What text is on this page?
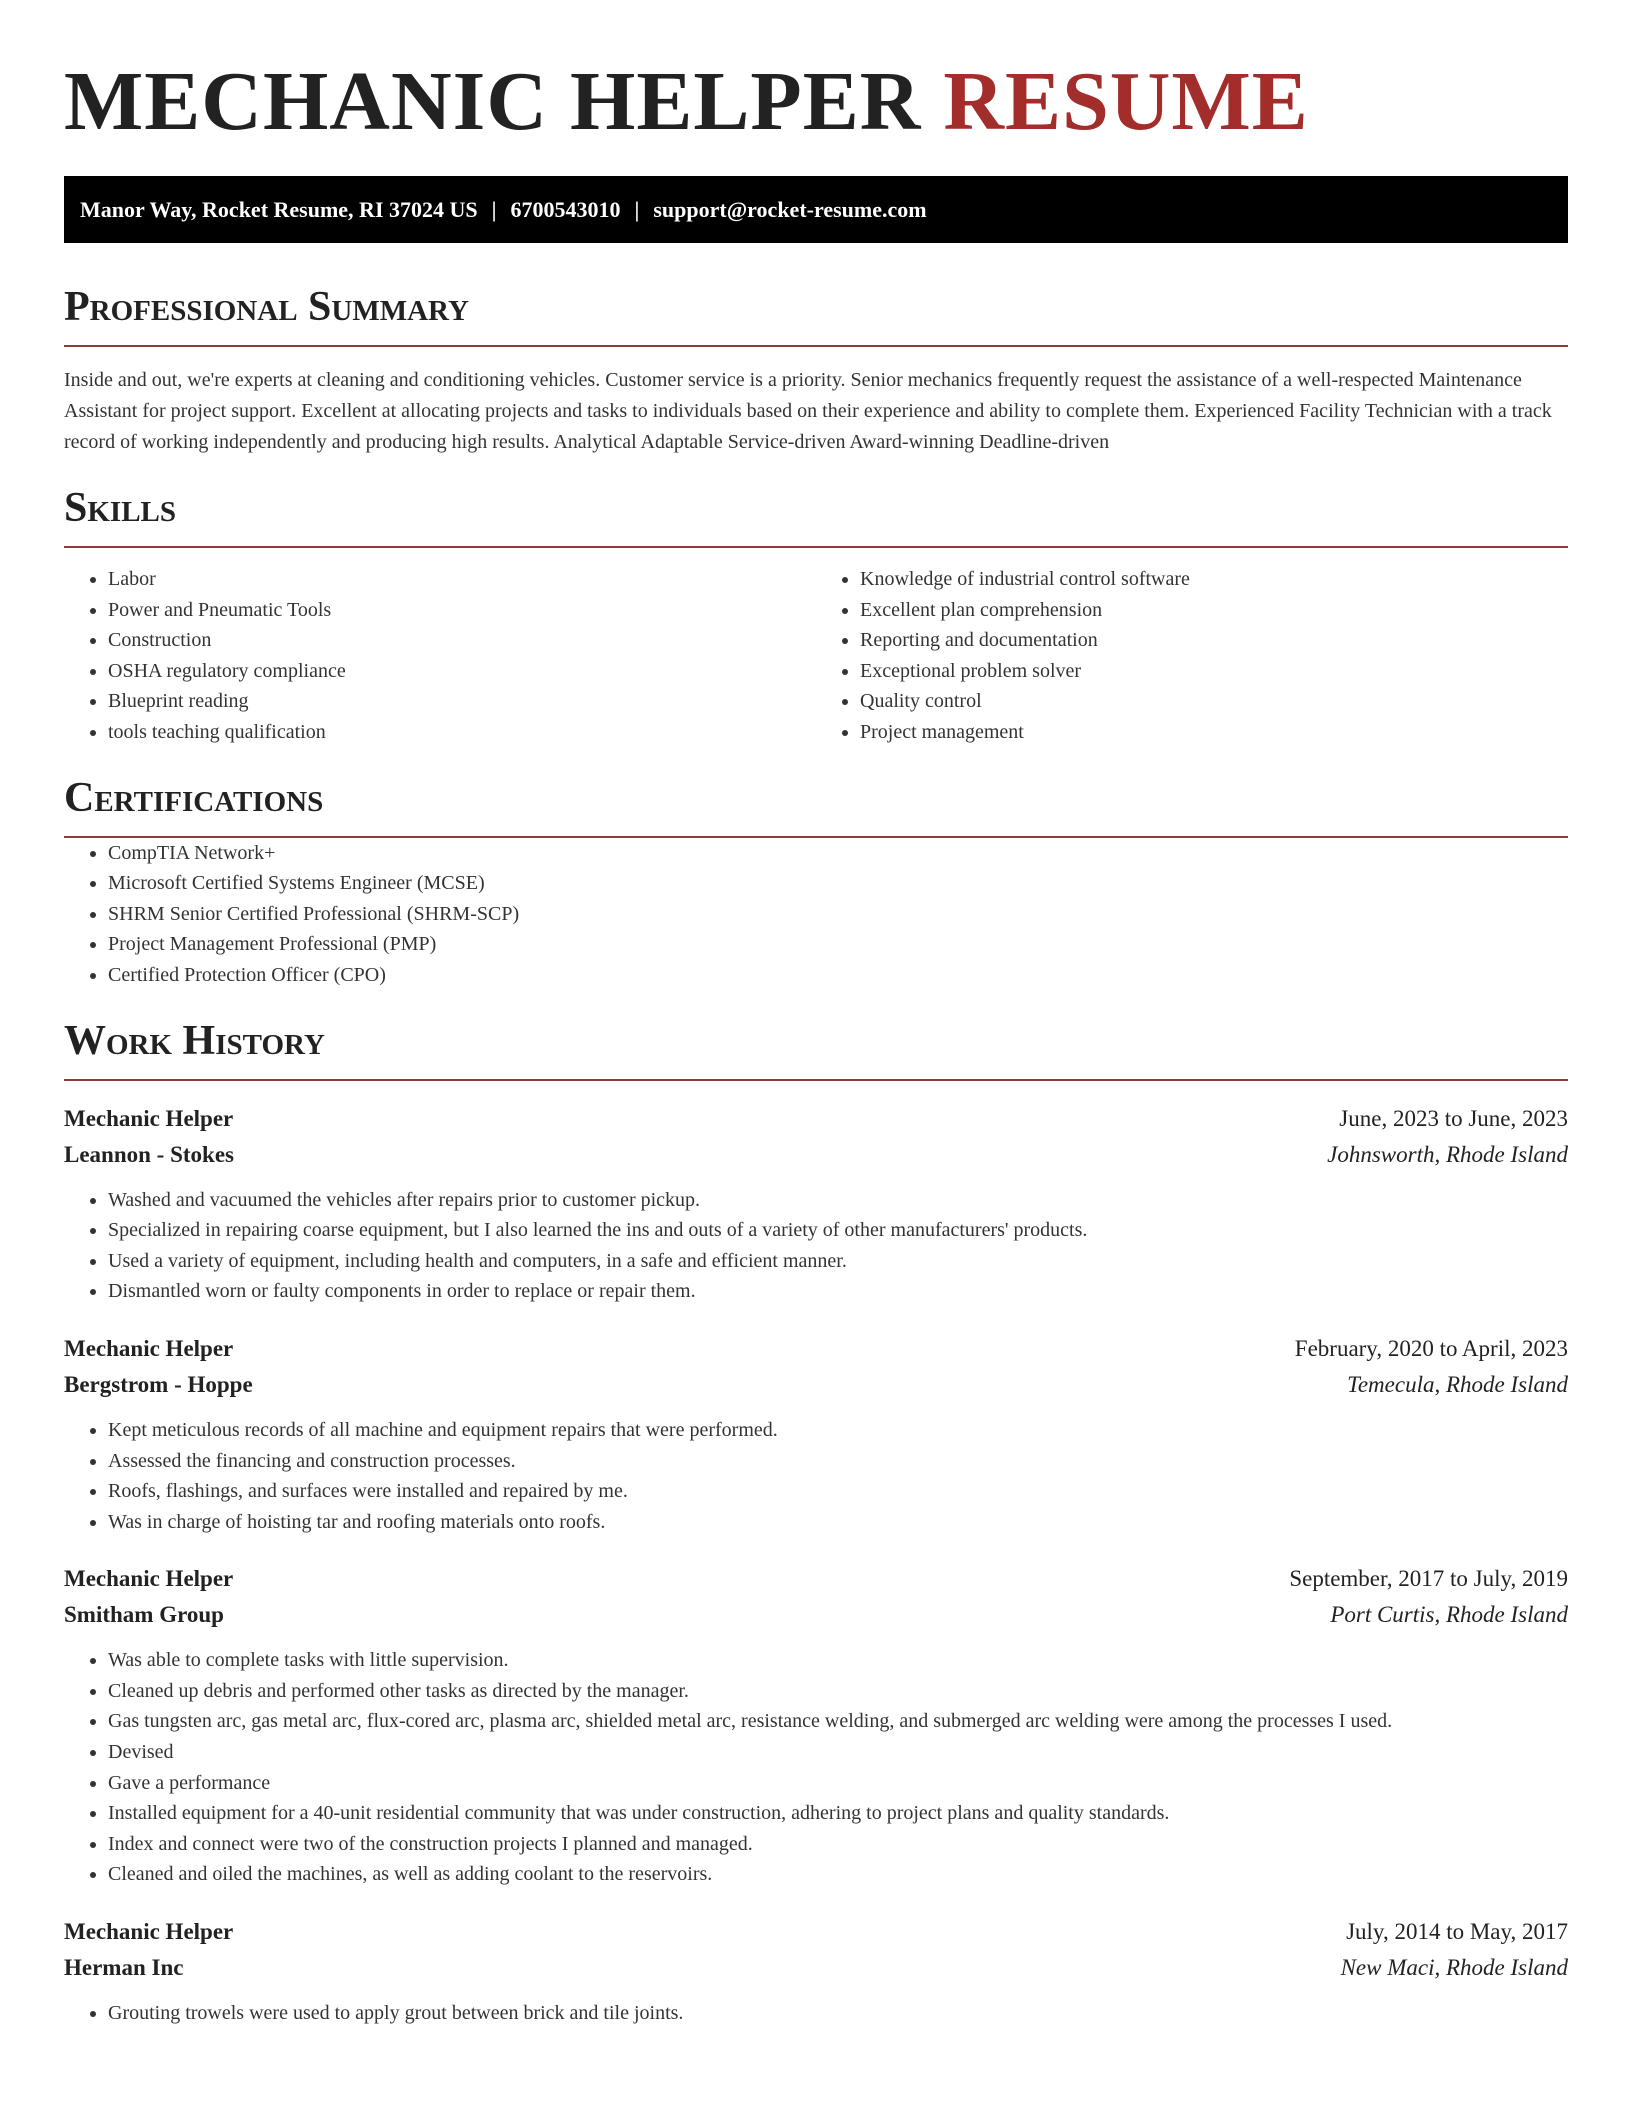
MECHANIC HELPER RESUME
Manor Way, Rocket Resume, RI 37024 US | 6700543010 | support@rocket-resume.com
Professional Summary

Inside and out, we're experts at cleaning and conditioning vehicles. Customer service is a priority. Senior mechanics frequently request the assistance of a well-respected Maintenance Assistant for project support. Excellent at allocating projects and tasks to individuals based on their experience and ability to complete them. Experienced Facility Technician with a track record of working independently and producing high results. Analytical Adaptable Service-driven Award-winning Deadline-driven

Skills
• Labor
• Power and Pneumatic Tools
• Construction
• OSHA regulatory compliance
• Blueprint reading
• tools teaching qualification
• Knowledge of industrial control software
• Excellent plan comprehension
• Reporting and documentation
• Exceptional problem solver
• Quality control
• Project management
Certifications
• CompTIA Network+
• Microsoft Certified Systems Engineer (MCSE)
• SHRM Senior Certified Professional (SHRM-SCP)
• Project Management Professional (PMP)
• Certified Protection Officer (CPO)
Work History
Mechanic Helper	June, 2023 to June, 2023
Leannon - Stokes	Johnsworth, Rhode Island
• Washed and vacuumed the vehicles after repairs prior to customer pickup.
• Specialized in repairing coarse equipment, but I also learned the ins and outs of a variety of other manufacturers' products.
• Used a variety of equipment, including health and computers, in a safe and efficient manner.
• Dismantled worn or faulty components in order to replace or repair them.
Mechanic Helper	February, 2020 to April, 2023
Bergstrom - Hoppe	Temecula, Rhode Island
• Kept meticulous records of all machine and equipment repairs that were performed.
• Assessed the financing and construction processes.
• Roofs, flashings, and surfaces were installed and repaired by me.
• Was in charge of hoisting tar and roofing materials onto roofs.
Mechanic Helper	September, 2017 to July, 2019
Smitham Group	Port Curtis, Rhode Island
• Was able to complete tasks with little supervision.
• Cleaned up debris and performed other tasks as directed by the manager.
• Gas tungsten arc, gas metal arc, flux-cored arc, plasma arc, shielded metal arc, resistance welding, and submerged arc welding were among the processes I used.
• Devised
• Gave a performance
• Installed equipment for a 40-unit residential community that was under construction, adhering to project plans and quality standards.
• Index and connect were two of the construction projects I planned and managed.
• Cleaned and oiled the machines, as well as adding coolant to the reservoirs.
Mechanic Helper	July, 2014 to May, 2017
Herman Inc	New Maci, Rhode Island
• Grouting trowels were used to apply grout between brick and tile joints.
